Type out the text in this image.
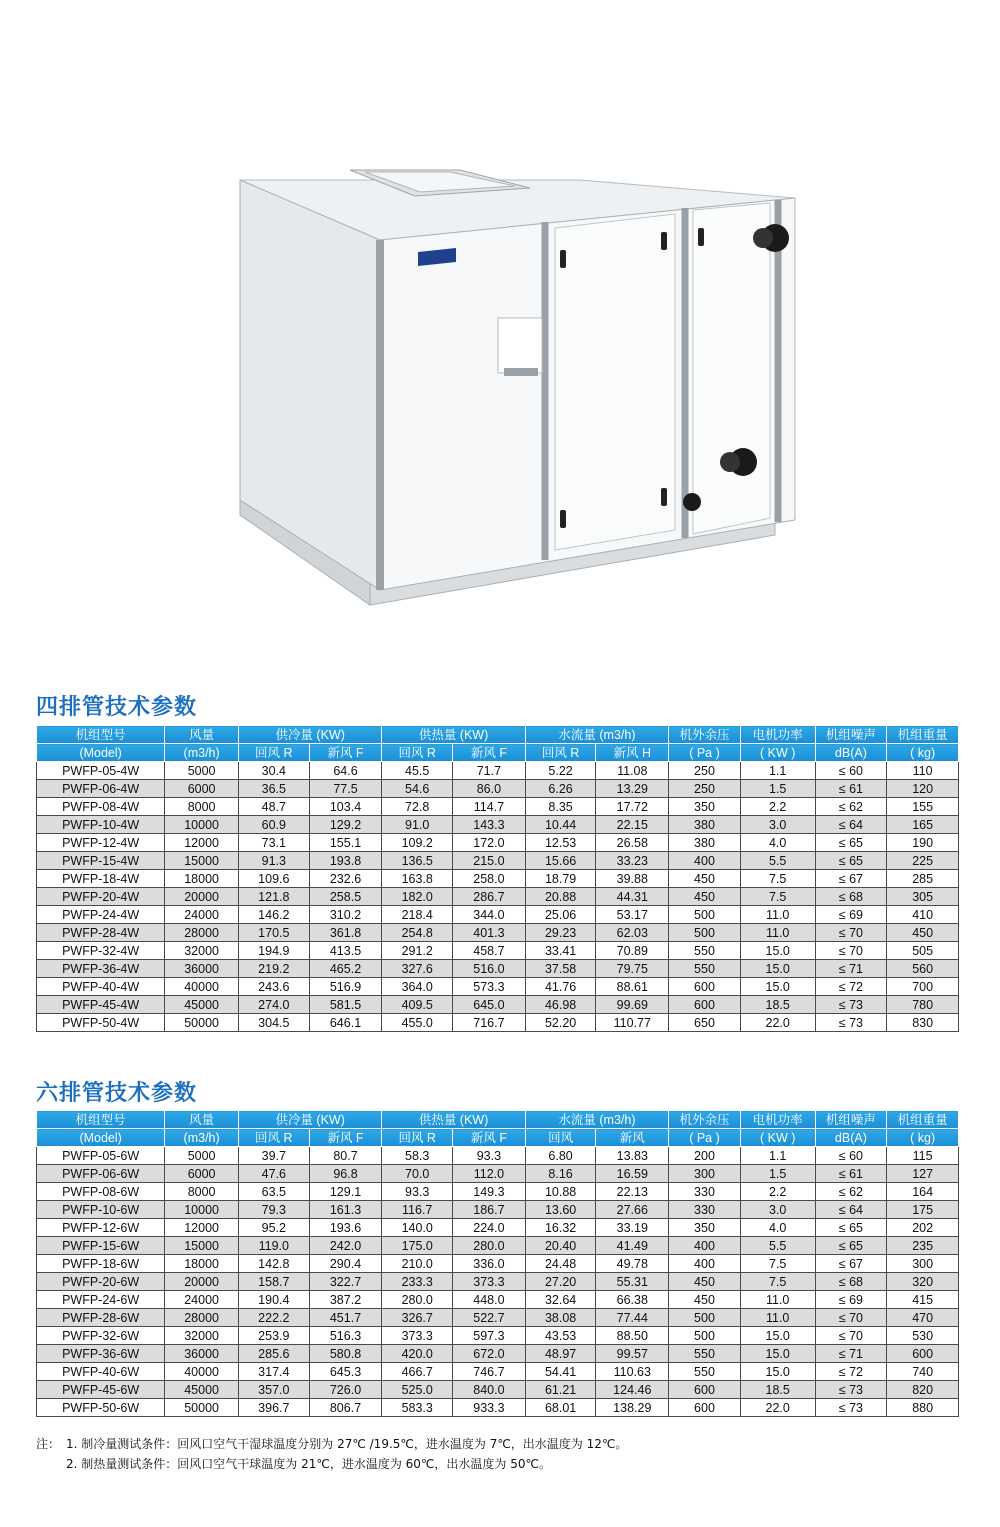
四排管技术参数
机组型号	风量	供冷量 (KW)		供热量 (KW)		水流量 (m3/h)		机外余压	电机功率	机组噪声	机组重量
(Model)	(m3/h)	回风 R	新风 F	回风 R	新风 F	回风 R	新风 H	( Pa )	( KW )	dB(A)	( kg)
PWFP-05-4W	5000	30.4	64.6	45.5	71.7	5.22	11.08	250	1.1	≤ 60	110
PWFP-06-4W	6000	36.5	77.5	54.6	86.0	6.26	13.29	250	1.5	≤ 61	120
PWFP-08-4W	8000	48.7	103.4	72.8	114.7	8.35	17.72	350	2.2	≤ 62	155
PWFP-10-4W	10000	60.9	129.2	91.0	143.3	10.44	22.15	380	3.0	≤ 64	165
PWFP-12-4W	12000	73.1	155.1	109.2	172.0	12.53	26.58	380	4.0	≤ 65	190
PWFP-15-4W	15000	91.3	193.8	136.5	215.0	15.66	33.23	400	5.5	≤ 65	225
PWFP-18-4W	18000	109.6	232.6	163.8	258.0	18.79	39.88	450	7.5	≤ 67	285
PWFP-20-4W	20000	121.8	258.5	182.0	286.7	20.88	44.31	450	7.5	≤ 68	305
PWFP-24-4W	24000	146.2	310.2	218.4	344.0	25.06	53.17	500	11.0	≤ 69	410
PWFP-28-4W	28000	170.5	361.8	254.8	401.3	29.23	62.03	500	11.0	≤ 70	450
PWFP-32-4W	32000	194.9	413.5	291.2	458.7	33.41	70.89	550	15.0	≤ 70	505
PWFP-36-4W	36000	219.2	465.2	327.6	516.0	37.58	79.75	550	15.0	≤ 71	560
PWFP-40-4W	40000	243.6	516.9	364.0	573.3	41.76	88.61	600	15.0	≤ 72	700
PWFP-45-4W	45000	274.0	581.5	409.5	645.0	46.98	99.69	600	18.5	≤ 73	780
PWFP-50-4W	50000	304.5	646.1	455.0	716.7	52.20	110.77	650	22.0	≤ 73	830
六排管技术参数
机组型号	风量	供冷量 (KW)		供热量 (KW)		水流量 (m3/h)		机外余压	电机功率	机组噪声	机组重量
(Model)	(m3/h)	回风 R	新风 F	回风 R	新风 F	回风	新风	( Pa )	( KW )	dB(A)	( kg)
PWFP-05-6W	5000	39.7	80.7	58.3	93.3	6.80	13.83	200	1.1	≤ 60	115
PWFP-06-6W	6000	47.6	96.8	70.0	112.0	8.16	16.59	300	1.5	≤ 61	127
PWFP-08-6W	8000	63.5	129.1	93.3	149.3	10.88	22.13	330	2.2	≤ 62	164
PWFP-10-6W	10000	79.3	161.3	116.7	186.7	13.60	27.66	330	3.0	≤ 64	175
PWFP-12-6W	12000	95.2	193.6	140.0	224.0	16.32	33.19	350	4.0	≤ 65	202
PWFP-15-6W	15000	119.0	242.0	175.0	280.0	20.40	41.49	400	5.5	≤ 65	235
PWFP-18-6W	18000	142.8	290.4	210.0	336.0	24.48	49.78	400	7.5	≤ 67	300
PWFP-20-6W	20000	158.7	322.7	233.3	373.3	27.20	55.31	450	7.5	≤ 68	320
PWFP-24-6W	24000	190.4	387.2	280.0	448.0	32.64	66.38	450	11.0	≤ 69	415
PWFP-28-6W	28000	222.2	451.7	326.7	522.7	38.08	77.44	500	11.0	≤ 70	470
PWFP-32-6W	32000	253.9	516.3	373.3	597.3	43.53	88.50	500	15.0	≤ 70	530
PWFP-36-6W	36000	285.6	580.8	420.0	672.0	48.97	99.57	550	15.0	≤ 71	600
PWFP-40-6W	40000	317.4	645.3	466.7	746.7	54.41	110.63	550	15.0	≤ 72	740
PWFP-45-6W	45000	357.0	726.0	525.0	840.0	61.21	124.46	600	18.5	≤ 73	820
PWFP-50-6W	50000	396.7	806.7	583.3	933.3	68.01	138.29	600	22.0	≤ 73	880
注： 1. 制冷量测试条件：回风口空气干湿球温度分别为 27℃ /19.5℃，进水温度为 7℃，出水温度为 12℃。
2. 制热量测试条件：回风口空气干球温度为 21℃，进水温度为 60℃，出水温度为 50℃。
